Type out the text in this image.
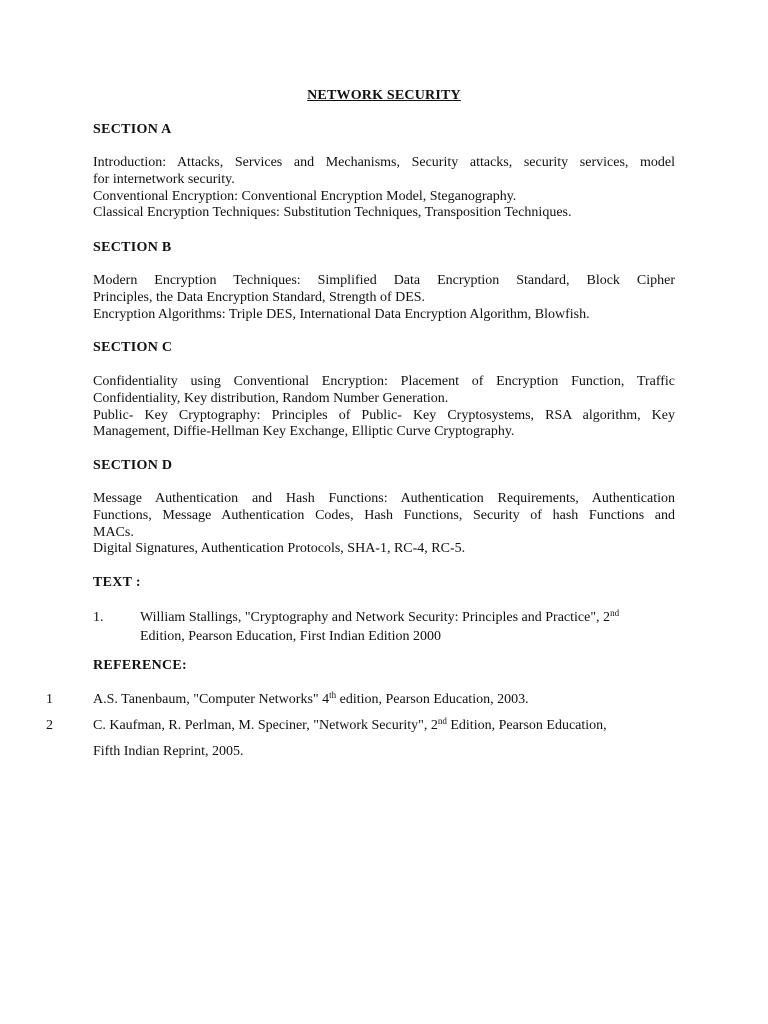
NETWORK SECURITY
SECTION A

Introduction: Attacks, Services and Mechanisms, Security attacks, security services, model

for internetwork security.

Conventional Encryption: Conventional Encryption Model, Steganography.

Classical Encryption Techniques: Substitution Techniques, Transposition Techniques.

SECTION B

Modern Encryption Techniques: Simplified Data Encryption Standard, Block Cipher

Principles, the Data Encryption Standard, Strength of DES.

Encryption Algorithms: Triple DES, International Data Encryption Algorithm, Blowfish.

SECTION C

Confidentiality using Conventional Encryption: Placement of Encryption Function, Traffic

Confidentiality, Key distribution, Random Number Generation.

Public- Key Cryptography: Principles of Public- Key Cryptosystems, RSA algorithm, Key

Management, Diffie-Hellman Key Exchange, Elliptic Curve Cryptography.

SECTION D

Message Authentication and Hash Functions: Authentication Requirements, Authentication

Functions, Message Authentication Codes, Hash Functions, Security of hash Functions and

MACs.

Digital Signatures, Authentication Protocols, SHA-1, RC-4, RC-5.

TEXT :
1.	William Stallings, "Cryptography and Network Security: Principles and Practice", 2nd
Edition, Pearson Education, First Indian Edition 2000
REFERENCE:
1	A.S. Tanenbaum, "Computer Networks" 4th edition, Pearson Education, 2003.
2	C. Kaufman, R. Perlman, M. Speciner, "Network Security", 2nd Edition, Pearson Education,
Fifth Indian Reprint, 2005.
